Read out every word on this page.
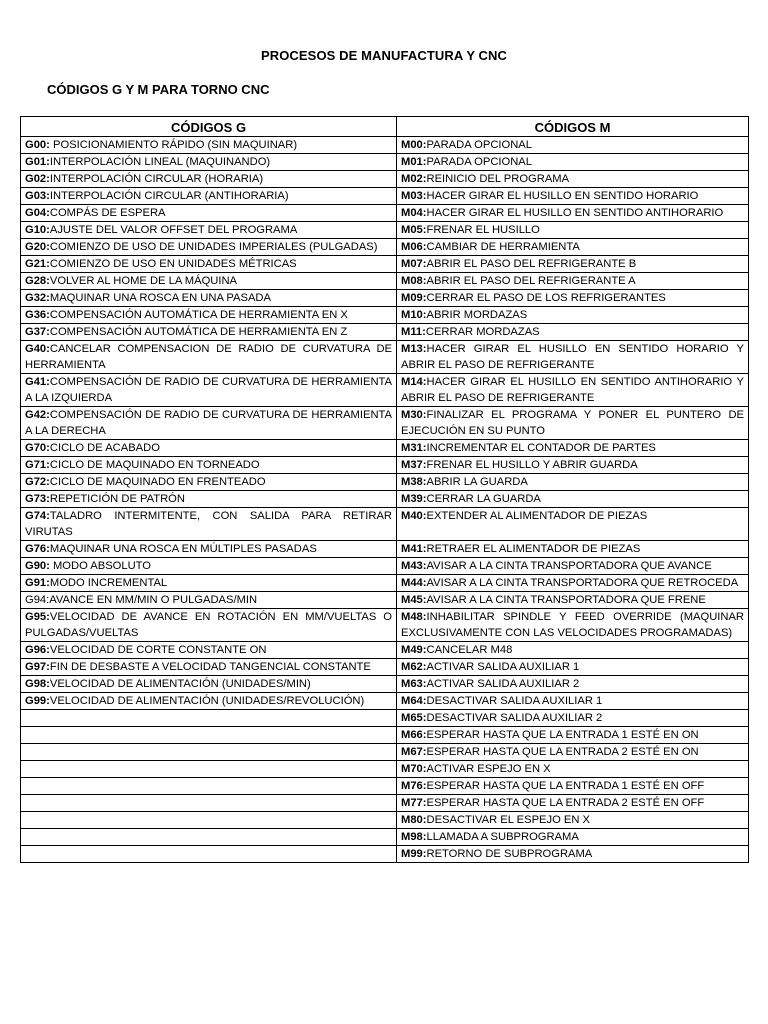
PROCESOS DE MANUFACTURA Y CNC
CÓDIGOS G Y M PARA TORNO CNC
CÓDIGOS G	CÓDIGOS M
G00: POSICIONAMIENTO RÁPIDO (SIN MAQUINAR)	M00:PARADA OPCIONAL
G01:INTERPOLACIÓN LINEAL (MAQUINANDO)	M01:PARADA OPCIONAL
G02:INTERPOLACIÓN CIRCULAR (HORARIA)	M02:REINICIO DEL PROGRAMA
G03:INTERPOLACIÓN CIRCULAR (ANTIHORARIA)	M03:HACER GIRAR EL HUSILLO EN SENTIDO HORARIO
G04:COMPÁS DE ESPERA	M04:HACER GIRAR EL HUSILLO EN SENTIDO ANTIHORARIO
G10:AJUSTE DEL VALOR OFFSET DEL PROGRAMA	M05:FRENAR EL HUSILLO
G20:COMIENZO DE USO DE UNIDADES IMPERIALES (PULGADAS)	M06:CAMBIAR DE HERRAMIENTA
G21:COMIENZO DE USO EN UNIDADES MÉTRICAS	M07:ABRIR EL PASO DEL REFRIGERANTE B
G28:VOLVER AL HOME DE LA MÁQUINA	M08:ABRIR EL PASO DEL REFRIGERANTE A
G32:MAQUINAR UNA ROSCA EN UNA PASADA	M09:CERRAR EL PASO DE LOS REFRIGERANTES
G36:COMPENSACIÓN AUTOMÁTICA DE HERRAMIENTA EN X	M10:ABRIR MORDAZAS
G37:COMPENSACIÓN AUTOMÁTICA DE HERRAMIENTA EN Z	M11:CERRAR MORDAZAS
G40:CANCELAR COMPENSACION DE RADIO DE CURVATURA DE HERRAMIENTA	M13:HACER GIRAR EL HUSILLO EN SENTIDO HORARIO Y ABRIR EL PASO DE REFRIGERANTE
G41:COMPENSACIÓN DE RADIO DE CURVATURA DE HERRAMIENTA A LA IZQUIERDA	M14:HACER GIRAR EL HUSILLO EN SENTIDO ANTIHORARIO Y ABRIR EL PASO DE REFRIGERANTE
G42:COMPENSACIÓN DE RADIO DE CURVATURA DE HERRAMIENTA A LA DERECHA	M30:FINALIZAR EL PROGRAMA Y PONER EL PUNTERO DE EJECUCIÓN EN SU PUNTO
G70:CICLO DE ACABADO	M31:INCREMENTAR EL CONTADOR DE PARTES
G71:CICLO DE MAQUINADO EN TORNEADO	M37:FRENAR EL HUSILLO Y ABRIR GUARDA
G72:CICLO DE MAQUINADO EN FRENTEADO	M38:ABRIR LA GUARDA
G73:REPETICIÓN DE PATRÓN	M39:CERRAR LA GUARDA
G74:TALADRO INTERMITENTE, CON SALIDA PARA RETIRAR VIRUTAS	M40:EXTENDER AL ALIMENTADOR DE PIEZAS
G76:MAQUINAR UNA ROSCA EN MÚLTIPLES PASADAS	M41:RETRAER EL ALIMENTADOR DE PIEZAS
G90: MODO ABSOLUTO	M43:AVISAR A LA CINTA TRANSPORTADORA QUE AVANCE
G91:MODO INCREMENTAL	M44:AVISAR A LA CINTA TRANSPORTADORA QUE RETROCEDA
G94:AVANCE EN MM/MIN O PULGADAS/MIN	M45:AVISAR A LA CINTA TRANSPORTADORA QUE FRENE
G95:VELOCIDAD DE AVANCE EN ROTACIÓN EN MM/VUELTAS O PULGADAS/VUELTAS	M48:INHABILITAR SPINDLE Y FEED OVERRIDE (MAQUINAR EXCLUSIVAMENTE CON LAS VELOCIDADES PROGRAMADAS)
G96:VELOCIDAD DE CORTE CONSTANTE ON	M49:CANCELAR M48
G97:FIN DE DESBASTE A VELOCIDAD TANGENCIAL CONSTANTE	M62:ACTIVAR SALIDA AUXILIAR 1
G98:VELOCIDAD DE ALIMENTACIÓN (UNIDADES/MIN)	M63:ACTIVAR SALIDA AUXILIAR 2
G99:VELOCIDAD DE ALIMENTACIÓN (UNIDADES/REVOLUCIÓN)	M64:DESACTIVAR SALIDA AUXILIAR 1
	M65:DESACTIVAR SALIDA AUXILIAR 2
	M66:ESPERAR HASTA QUE LA ENTRADA 1 ESTÉ EN ON
	M67:ESPERAR HASTA QUE LA ENTRADA 2 ESTÉ EN ON
	M70:ACTIVAR ESPEJO EN X
	M76:ESPERAR HASTA QUE LA ENTRADA 1 ESTÉ EN OFF
	M77:ESPERAR HASTA QUE LA ENTRADA 2 ESTÉ EN OFF
	M80:DESACTIVAR EL ESPEJO EN X
	M98:LLAMADA A SUBPROGRAMA
	M99:RETORNO DE SUBPROGRAMA
